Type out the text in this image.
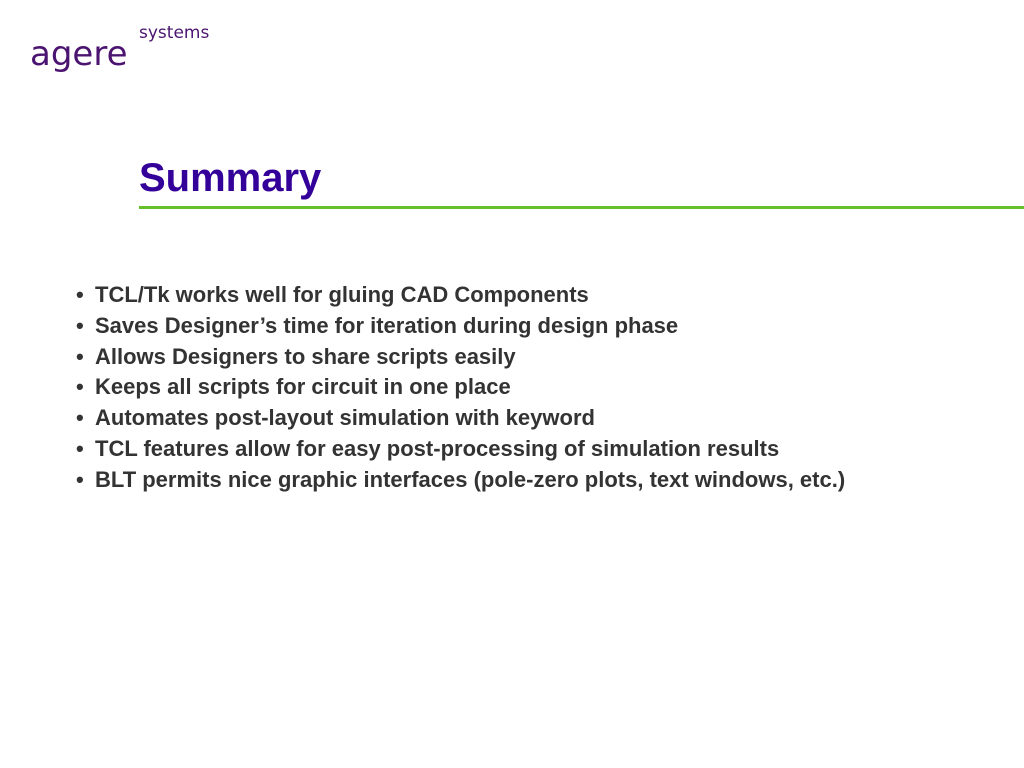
agere
systems
Summary
• TCL/Tk works well for gluing CAD Components
• Saves Designer’s time for iteration during design phase
• Allows Designers to share scripts easily
• Keeps all scripts for circuit in one place
• Automates post-layout simulation with keyword
• TCL features allow for easy post-processing of simulation results
• BLT permits nice graphic interfaces (pole-zero plots, text windows, etc.)
